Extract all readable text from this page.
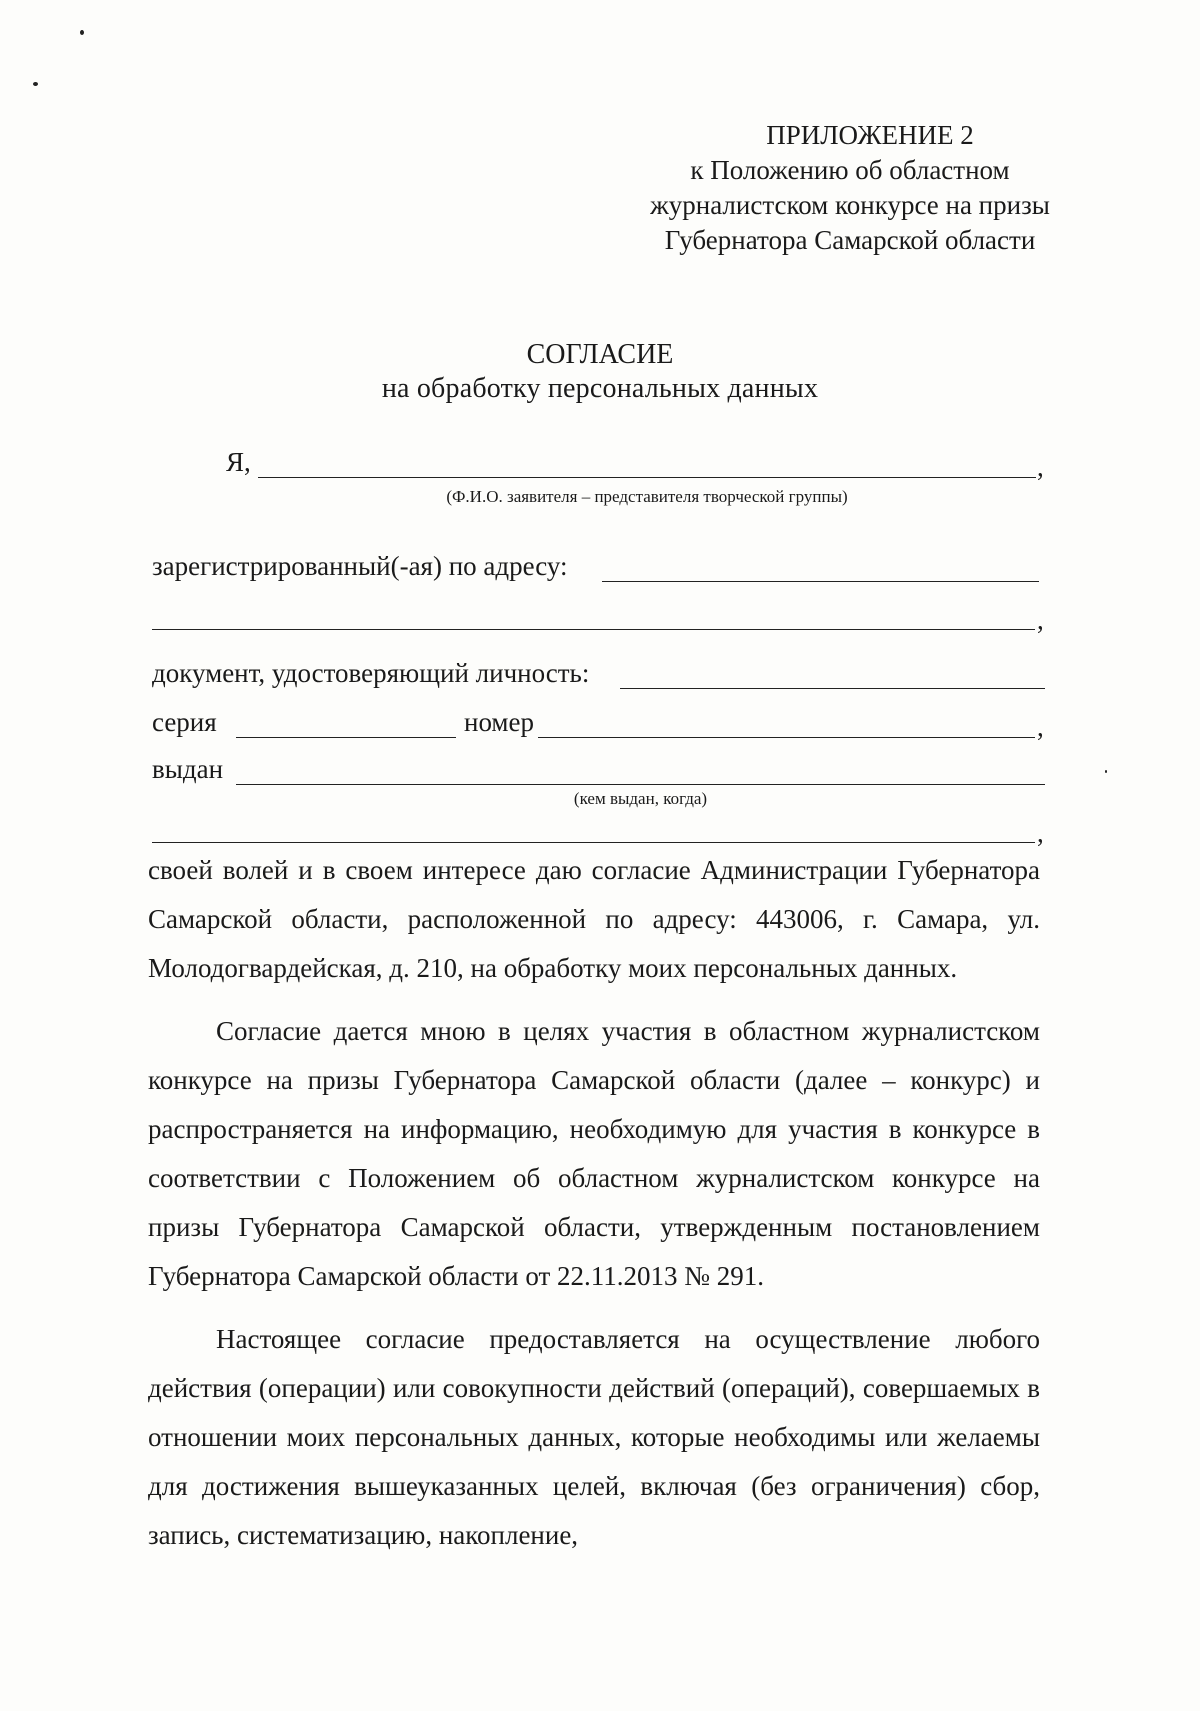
ПРИЛОЖЕНИЕ 2
к Положению об областном
журналистском конкурсе на призы
Губернатора Самарской области
СОГЛАСИЕ
на обработку персональных данных
Я,	,
(Ф.И.О. заявителя – представителя творческой группы)
зарегистрированный(-ая) по адресу:
,
документ, удостоверяющий личность:
серия	номер	,
выдан
(кем выдан, когда)
,

своей волей и в своем интересе даю согласие Администрации Губернатора Самарской области, расположенной по адресу: 443006, г. Самара, ул. Молодогвардейская, д. 210, на обработку моих персональных данных.

Согласие дается мною в целях участия в областном журналистском конкурсе на призы Губернатора Самарской области (далее – конкурс) и распространяется на информацию, необходимую для участия в конкурсе в соответствии с Положением об областном журналистском конкурсе на призы Губернатора Самарской области, утвержденным постановлением Губернатора Самарской области от 22.11.2013 № 291.

Настоящее согласие предоставляется на осуществление любого действия (операции) или совокупности действий (операций), совершаемых в отношении моих персональных данных, которые необходимы или желаемы для достижения вышеуказанных целей, включая (без ограничения) сбор, запись, систематизацию, накопление,
